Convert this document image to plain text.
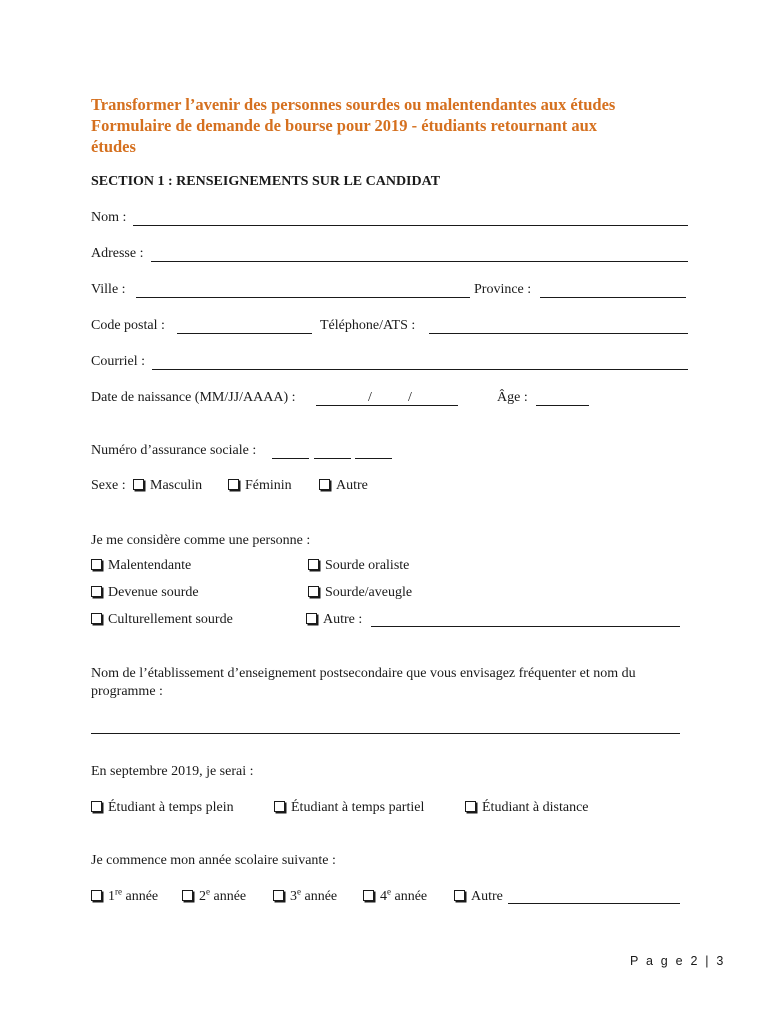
Transformer l’avenir des personnes sourdes ou malentendantes aux études
Formulaire de demande de bourse pour 2019 - étudiants retournant aux
études
SECTION 1 : RENSEIGNEMENTS SUR LE CANDIDAT
Nom :
Adresse :
Ville :	Province :
Code postal :	Téléphone/ATS :
Courriel :
Date de naissance (MM/JJ/AAAA) :	/	/	Âge :
Numéro d’assurance sociale :
Sexe :	Masculin	Féminin	Autre
Je me considère comme une personne :
Malentendante	Sourde oraliste
Devenue sourde	Sourde/aveugle
Culturellement sourde	Autre :
Nom de l’établissement d’enseignement postsecondaire que vous envisagez fréquenter et nom du
programme :
En septembre 2019, je serai :
Étudiant à temps plein	Étudiant à temps partiel	Étudiant à distance
Je commence mon année scolaire suivante :
1re année	2e année	3e année	4e année	Autre
P a g e 2 | 3
